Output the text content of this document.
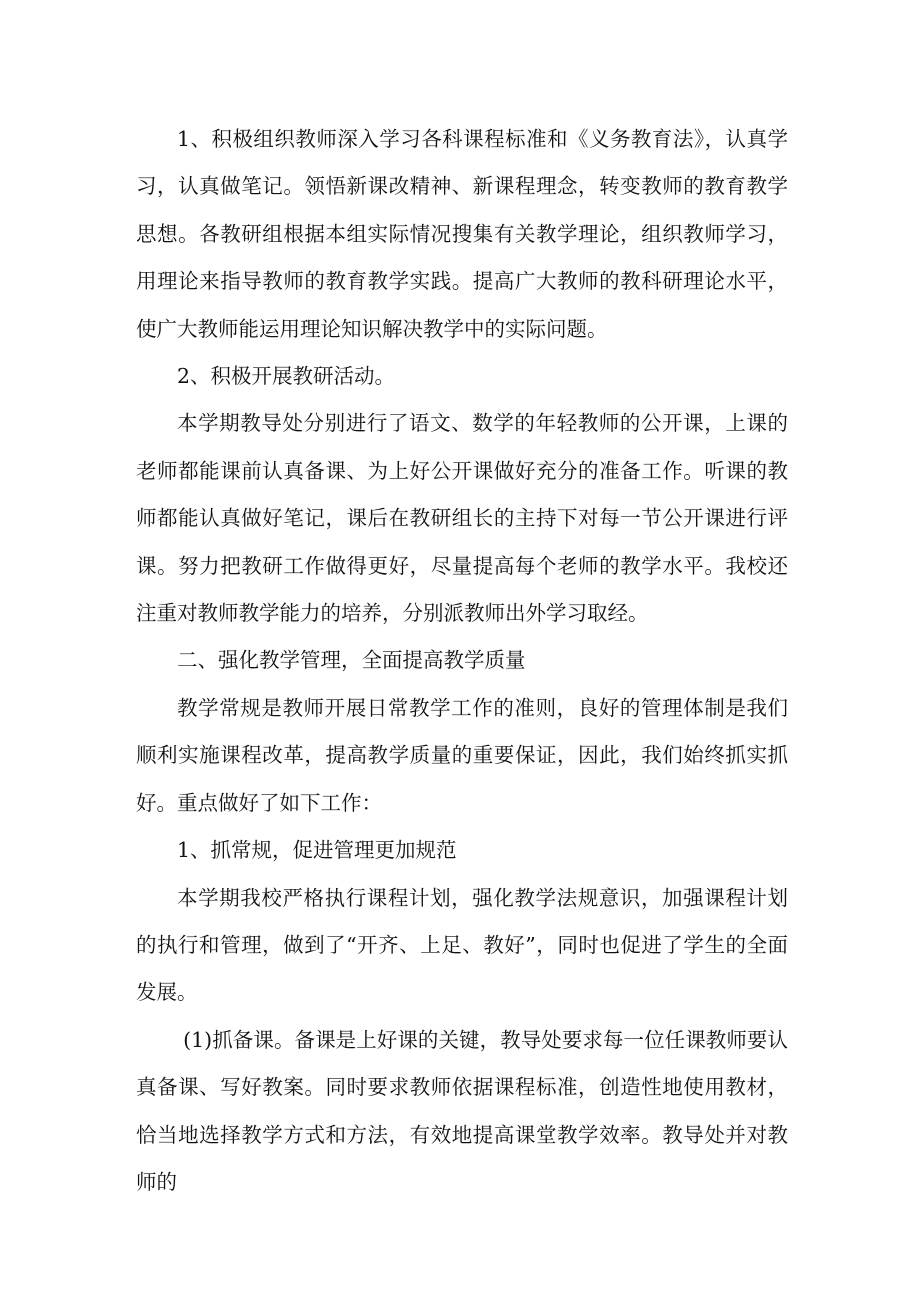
1、积极组织教师深入学习各科课程标准和《义务教育法》，认真学习，认真做笔记。领悟新课改精神、新课程理念，转变教师的教育教学思想。各教研组根据本组实际情况搜集有关教学理论，组织教师学习，用理论来指导教师的教育教学实践。提高广大教师的教科研理论水平，使广大教师能运用理论知识解决教学中的实际问题。

2、积极开展教研活动。

本学期教导处分别进行了语文、数学的年轻教师的公开课，上课的老师都能课前认真备课、为上好公开课做好充分的准备工作。听课的教师都能认真做好笔记，课后在教研组长的主持下对每一节公开课进行评课。努力把教研工作做得更好，尽量提高每个老师的教学水平。我校还注重对教师教学能力的培养，分别派教师出外学习取经。

二、强化教学管理，全面提高教学质量

教学常规是教师开展日常教学工作的准则，良好的管理体制是我们顺利实施课程改革，提高教学质量的重要保证，因此，我们始终抓实抓好。重点做好了如下工作：

1、抓常规，促进管理更加规范

本学期我校严格执行课程计划，强化教学法规意识，加强课程计划的执行和管理，做到了“开齐、上足、教好”，同时也促进了学生的全面发展。

(1)抓备课。备课是上好课的关键，教导处要求每一位任课教师要认真备课、写好教案。同时要求教师依据课程标准，创造性地使用教材，恰当地选择教学方式和方法，有效地提高课堂教学效率。教导处并对教师的
